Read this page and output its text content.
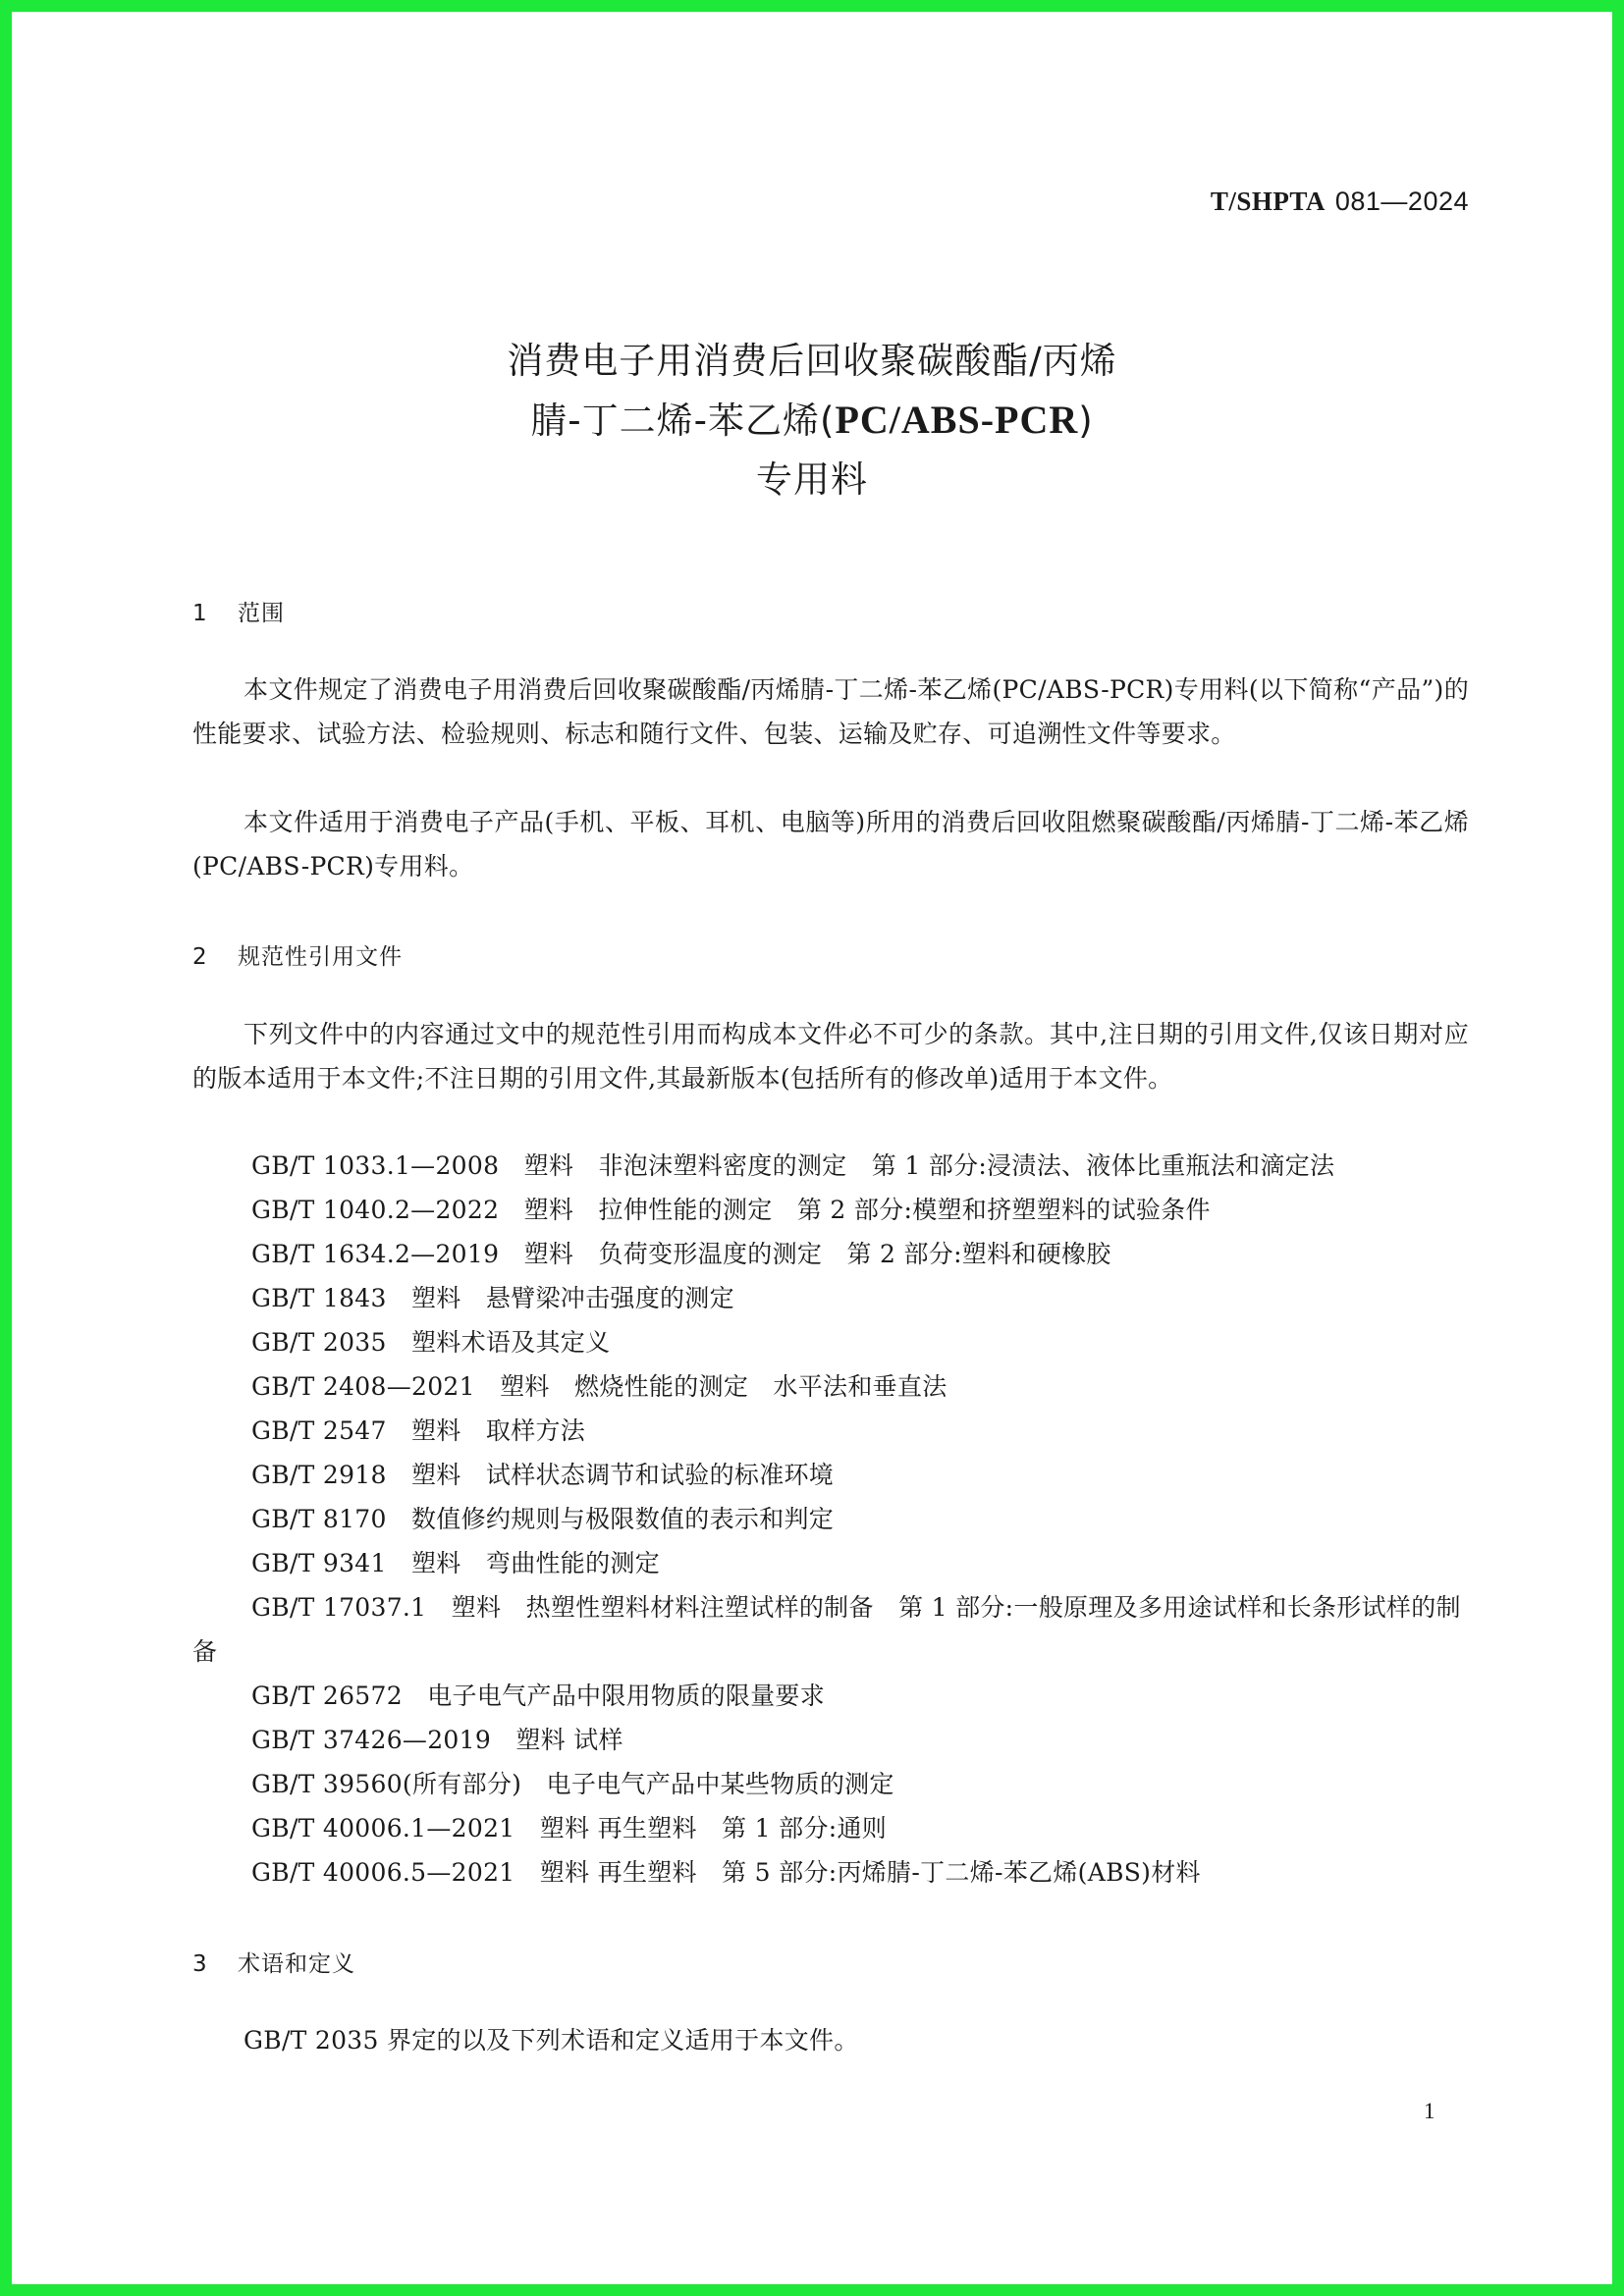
T/SHPTA 081—2024
消费电子用消费后回收聚碳酸酯/丙烯
腈-丁二烯-苯乙烯(PC/ABS-PCR)
专用料
1 范围
本文件规定了消费电子用消费后回收聚碳酸酯/丙烯腈-丁二烯-苯乙烯(PC/ABS-PCR)专用料(以下简称“产品”)的性能要求、试验方法、检验规则、标志和随行文件、包装、运输及贮存、可追溯性文件等要求。
本文件适用于消费电子产品(手机、平板、耳机、电脑等)所用的消费后回收阻燃聚碳酸酯/丙烯腈-丁二烯-苯乙烯(PC/ABS-PCR)专用料。
2 规范性引用文件
下列文件中的内容通过文中的规范性引用而构成本文件必不可少的条款。其中,注日期的引用文件,仅该日期对应的版本适用于本文件;不注日期的引用文件,其最新版本(包括所有的修改单)适用于本文件。
GB/T 1033.1—2008　塑料　非泡沫塑料密度的测定　第 1 部分:浸渍法、液体比重瓶法和滴定法
GB/T 1040.2—2022　塑料　拉伸性能的测定　第 2 部分:模塑和挤塑塑料的试验条件
GB/T 1634.2—2019　塑料　负荷变形温度的测定　第 2 部分:塑料和硬橡胶
GB/T 1843　塑料　悬臂梁冲击强度的测定
GB/T 2035　塑料术语及其定义
GB/T 2408—2021　塑料　燃烧性能的测定　水平法和垂直法
GB/T 2547　塑料　取样方法
GB/T 2918　塑料　试样状态调节和试验的标准环境
GB/T 8170　数值修约规则与极限数值的表示和判定
GB/T 9341　塑料　弯曲性能的测定
GB/T 17037.1　塑料　热塑性塑料材料注塑试样的制备　第 1 部分:一般原理及多用途试样和长条形试样的制备
GB/T 26572　电子电气产品中限用物质的限量要求
GB/T 37426—2019　塑料 试样
GB/T 39560(所有部分)　电子电气产品中某些物质的测定
GB/T 40006.1—2021　塑料 再生塑料　第 1 部分:通则
GB/T 40006.5—2021　塑料 再生塑料　第 5 部分:丙烯腈-丁二烯-苯乙烯(ABS)材料
3 术语和定义
GB/T 2035 界定的以及下列术语和定义适用于本文件。
1
